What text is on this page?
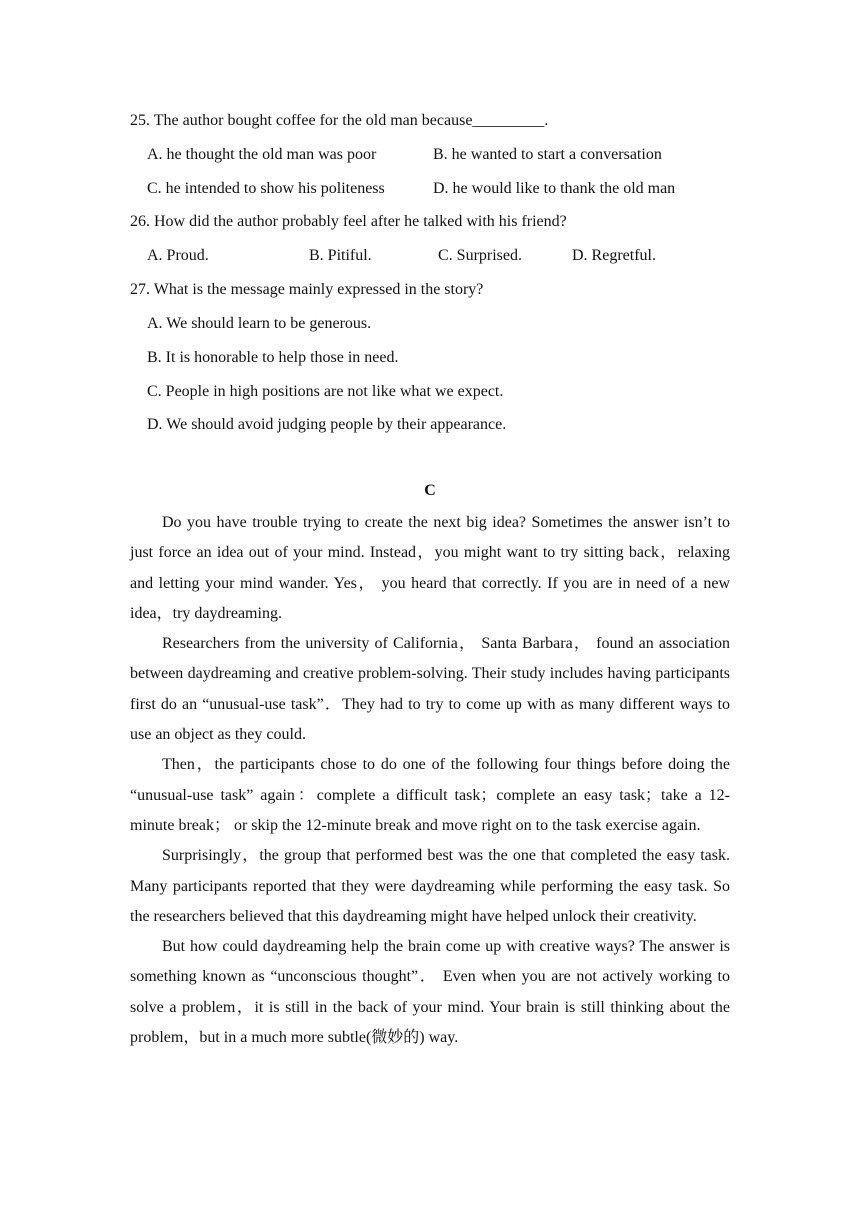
25. The author bought coffee for the old man because_________.
A. he thought the old man was poor	B. he wanted to start a conversation
C. he intended to show his politeness	D. he would like to thank the old man
26. How did the author probably feel after he talked with his friend?
A. Proud.	B. Pitiful.	C. Surprised.	D. Regretful.
27. What is the message mainly expressed in the story?
A. We should learn to be generous.
B. It is honorable to help those in need.
C. People in high positions are not like what we expect.
D. We should avoid judging people by their appearance.
C

Do you have trouble trying to create the next big idea? Sometimes the answer isn’t to just force an idea out of your mind. Instead，you might want to try sitting back，relaxing and letting your mind wander. Yes， you heard that correctly. If you are in need of a new idea，try daydreaming.

Researchers from the university of California， Santa Barbara， found an association between daydreaming and creative problem-solving. Their study includes having participants first do an “unusual-use task”．They had to try to come up with as many different ways to use an object as they could.

Then，the participants chose to do one of the following four things before doing the “unusual-use task” again：complete a difficult task；complete an easy task；take a 12-minute break； or skip the 12-minute break and move right on to the task exercise again.

Surprisingly，the group that performed best was the one that completed the easy task. Many participants reported that they were daydreaming while performing the easy task. So the researchers believed that this daydreaming might have helped unlock their creativity.

But how could daydreaming help the brain come up with creative ways? The answer is something known as “unconscious thought”． Even when you are not actively working to solve a problem，it is still in the back of your mind. Your brain is still thinking about the problem，but in a much more subtle(微妙的) way.
